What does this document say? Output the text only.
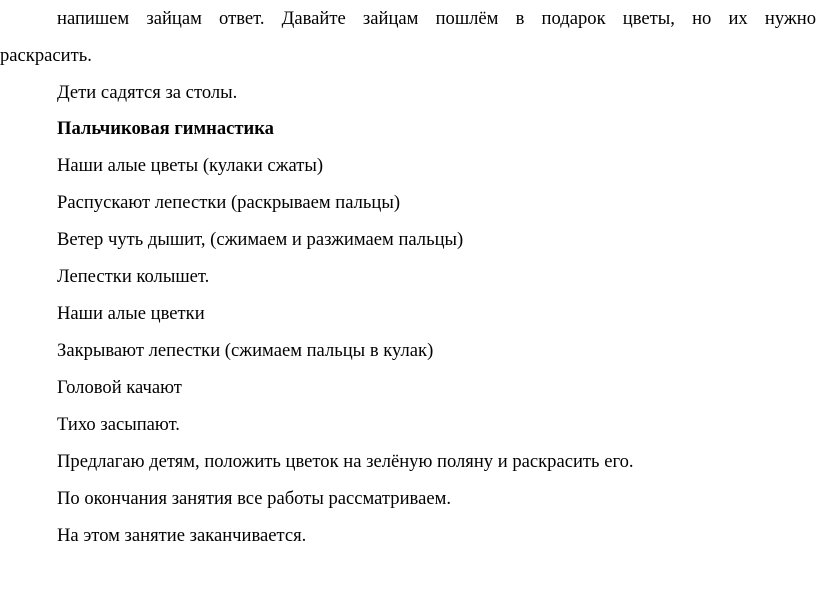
напишем зайцам ответ. Давайте зайцам пошлём в подарок цветы, но их нужно
раскрасить.
Дети садятся за столы.
Пальчиковая гимнастика
Наши алые цветы (кулаки сжаты)
Распускают лепестки (раскрываем пальцы)
Ветер чуть дышит, (сжимаем и разжимаем пальцы)
Лепестки колышет.
Наши алые цветки
Закрывают лепестки (сжимаем пальцы в кулак)
Головой качают
Тихо засыпают.
Предлагаю детям, положить цветок на зелёную поляну и раскрасить его.
По окончания занятия все работы рассматриваем.
На этом занятие заканчивается.
